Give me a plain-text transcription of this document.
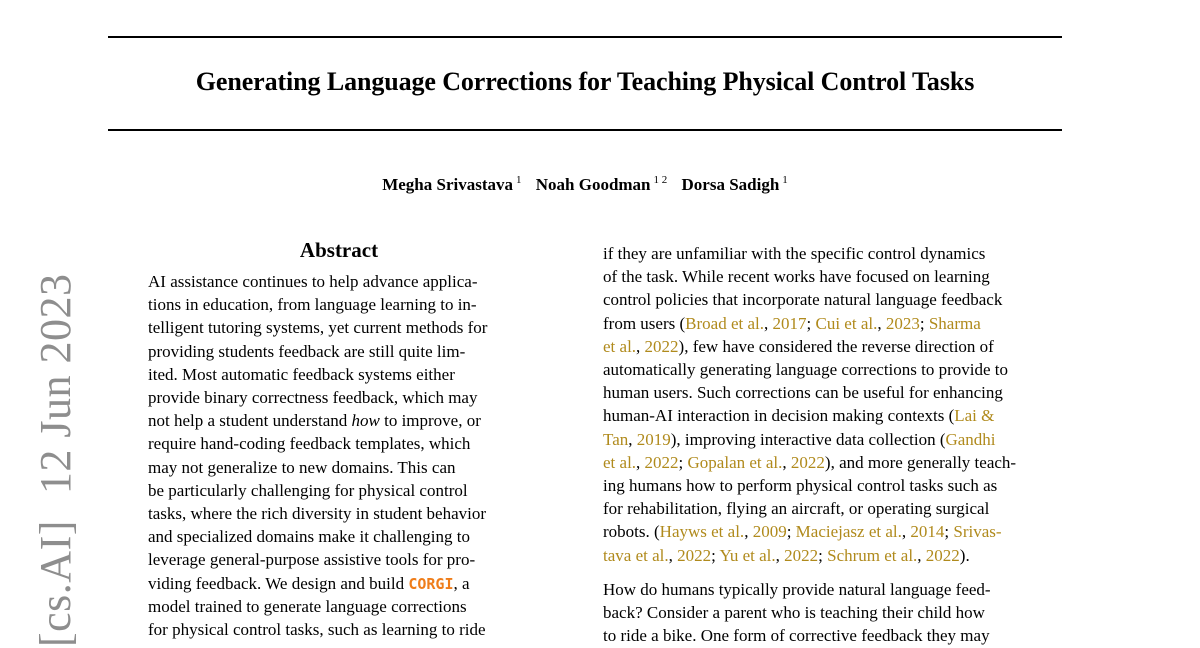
Generating Language Corrections for Teaching Physical Control Tasks
Megha Srivastava $^1$ Noah Goodman $^{1 2}$ Dorsa Sadigh $^1$
[cs.AI]12 Jun 2023
Abstract
AI assistance continues to help advance applica-
tions in education, from language learning to in-
telligent tutoring systems, yet current methods for
providing students feedback are still quite lim-
ited. Most automatic feedback systems either
provide binary correctness feedback, which may
not help a student understand how to improve, or
require hand-coding feedback templates, which
may not generalize to new domains. This can
be particularly challenging for physical control
tasks, where the rich diversity in student behavior
and specialized domains make it challenging to
leverage general-purpose assistive tools for pro-
viding feedback. We design and build CORGI, a
model trained to generate language corrections
for physical control tasks, such as learning to ride
if they are unfamiliar with the specific control dynamics
of the task. While recent works have focused on learning
control policies that incorporate natural language feedback
from users (Broad et al., 2017; Cui et al., 2023; Sharma
et al., 2022), few have considered the reverse direction of
automatically generating language corrections to provide to
human users. Such corrections can be useful for enhancing
human-AI interaction in decision making contexts (Lai &
Tan, 2019), improving interactive data collection (Gandhi
et al., 2022; Gopalan et al., 2022), and more generally teach-
ing humans how to perform physical control tasks such as
for rehabilitation, flying an aircraft, or operating surgical
robots. (Hayws et al., 2009; Maciejasz et al., 2014; Srivas-
tava et al., 2022; Yu et al., 2022; Schrum et al., 2022).
How do humans typically provide natural language feed-
back? Consider a parent who is teaching their child how
to ride a bike. One form of corrective feedback they may
